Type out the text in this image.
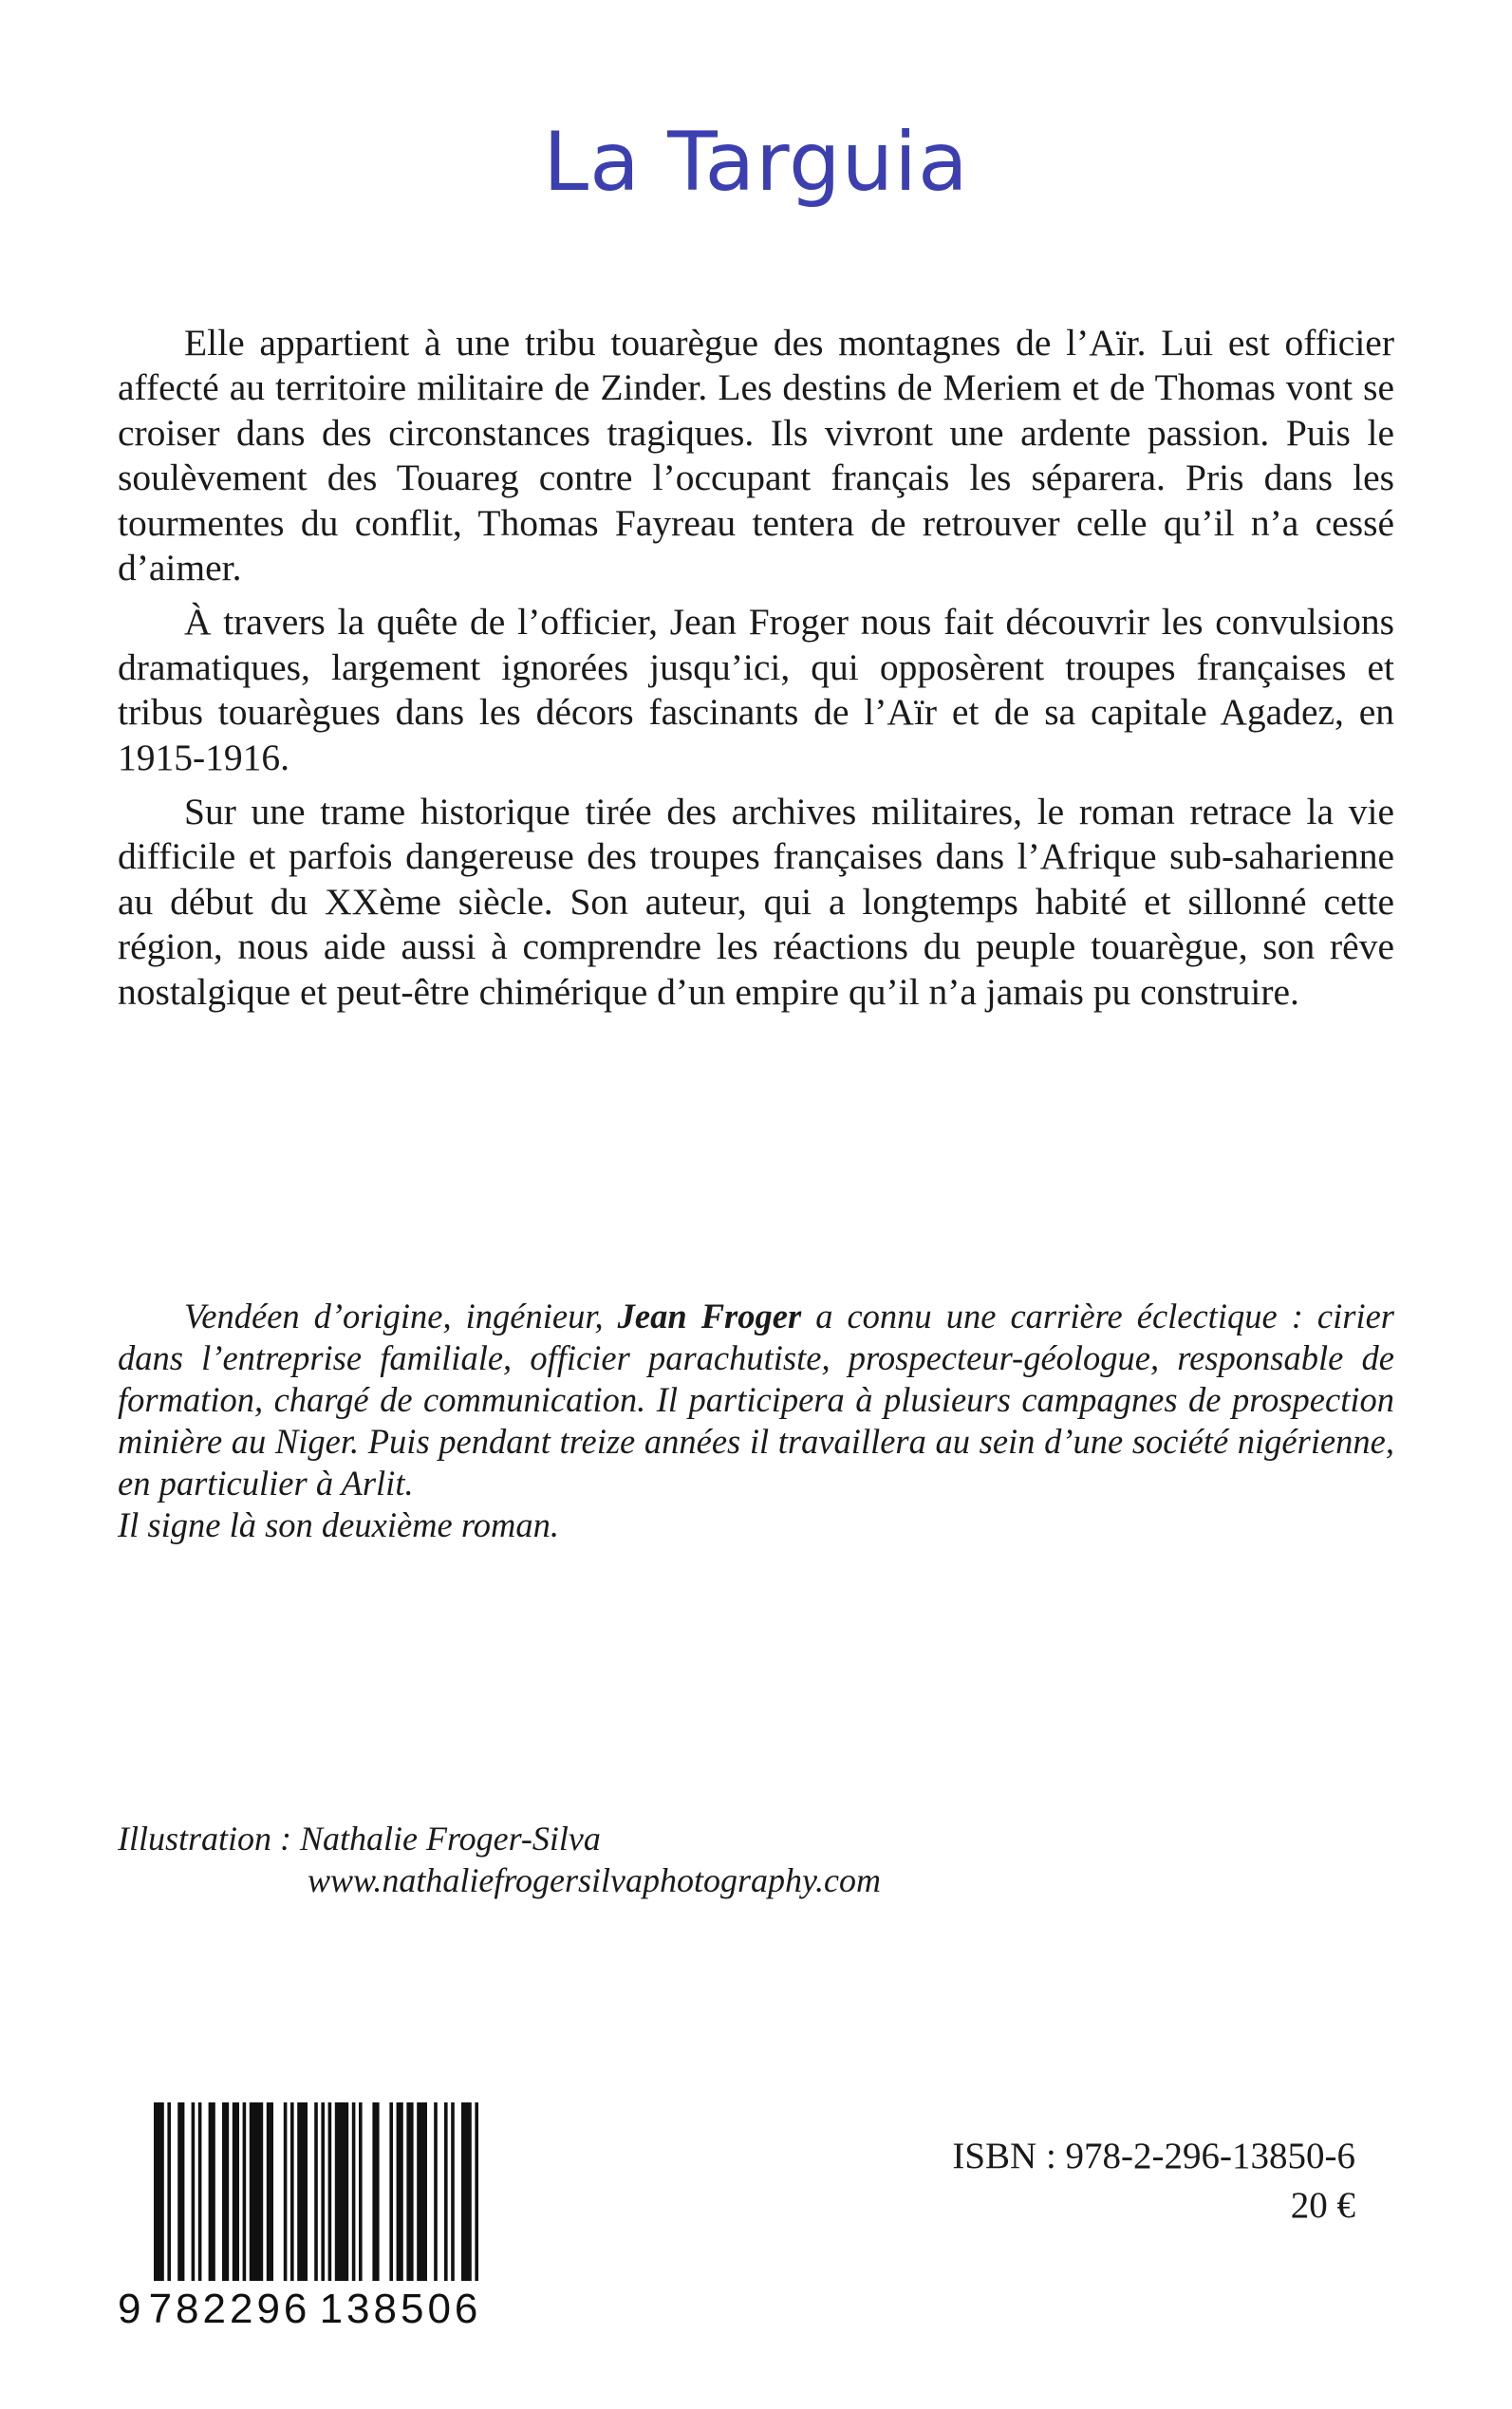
La Targuia

Elle appartient à une tribu touarègue des montagnes de l’Aïr. Lui est officier affecté au territoire militaire de Zinder. Les destins de Meriem et de Thomas vont se croiser dans des circonstances tragiques. Ils vivront une ardente passion. Puis le soulèvement des Touareg contre l’occupant français les séparera. Pris dans les tourmentes du conflit, Thomas Fayreau tentera de retrouver celle qu’il n’a cessé d’aimer.

À travers la quête de l’officier, Jean Froger nous fait découvrir les convulsions dramatiques, largement ignorées jusqu’ici, qui opposèrent troupes françaises et tribus touarègues dans les décors fascinants de l’Aïr et de sa capitale Agadez, en 1915-1916.

Sur une trame historique tirée des archives militaires, le roman retrace la vie difficile et parfois dangereuse des troupes françaises dans l’Afrique sub-saharienne au début du XXème siècle. Son auteur, qui a longtemps habité et sillonné cette région, nous aide aussi à comprendre les réactions du peuple touarègue, son rêve nostalgique et peut-être chimérique d’un empire qu’il n’a jamais pu construire.

Vendéen d’origine, ingénieur, Jean Froger a connu une carrière éclectique : cirier dans l’entreprise familiale, officier parachutiste, prospecteur-géologue, responsable de formation, chargé de communication. Il participera à plusieurs campagnes de prospection minière au Niger. Puis pendant treize années il travaillera au sein d’une société nigérienne, en particulier à Arlit.

Il signe là son deuxième roman.

Illustration : Nathalie Froger-Silva
www.nathaliefrogersilvaphotography.com
9 782296 138506
ISBN : 978-2-296-13850-6
20 €
